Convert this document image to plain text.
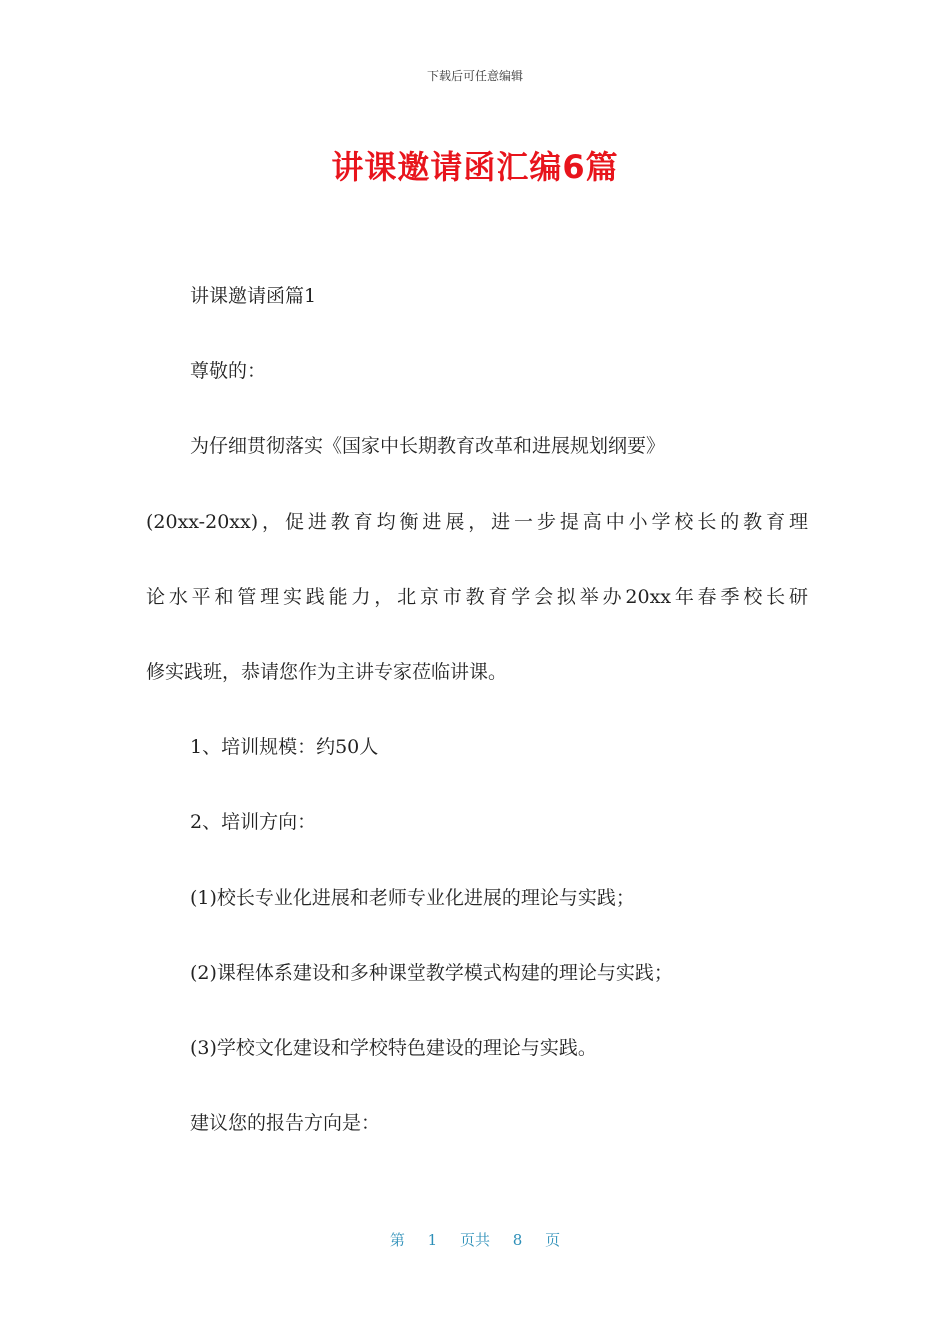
下载后可任意编辑
讲课邀请函汇编6篇

讲课邀请函篇1

尊敬的：

为仔细贯彻落实《国家中长期教育改革和进展规划纲要》

(20xx-20xx)，促进教育均衡进展，进一步提高中小学校长的教育理

论水平和管理实践能力，北京市教育学会拟举办20xx年春季校长研

修实践班，恭请您作为主讲专家莅临讲课。

1、培训规模：约50人

2、培训方向：

(1)校长专业化进展和老师专业化进展的理论与实践；

(2)课程体系建设和多种课堂教学模式构建的理论与实践；

(3)学校文化建设和学校特色建设的理论与实践。

建议您的报告方向是：

第 1 页共 8 页
